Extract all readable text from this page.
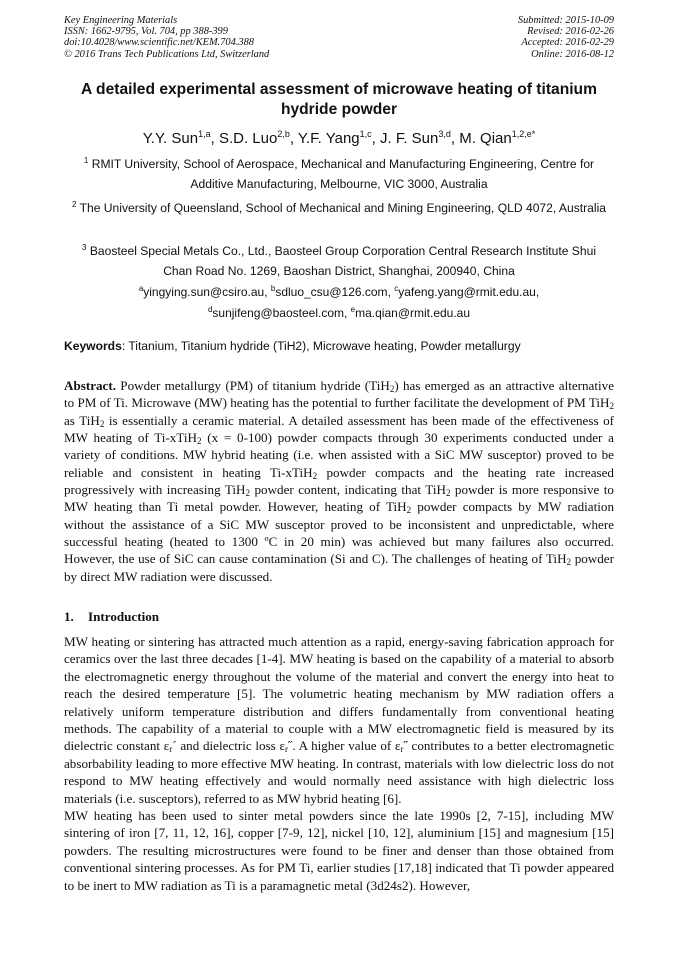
Key Engineering Materials
ISSN: 1662-9795, Vol. 704, pp 388-399
doi:10.4028/www.scientific.net/KEM.704.388
© 2016 Trans Tech Publications Ltd, Switzerland
Submitted: 2015-10-09
Revised: 2016-02-26
Accepted: 2016-02-29
Online: 2016-08-12
A detailed experimental assessment of microwave heating of titanium hydride powder
Y.Y. Sun$^{1,a}$, S.D. Luo$^{2,b}$, Y.F. Yang$^{1,c}$, J. F. Sun$^{3,d}$, M. Qian$^{1,2,e*}$
$^1$ RMIT University, School of Aerospace, Mechanical and Manufacturing Engineering, Centre for Additive Manufacturing, Melbourne, VIC 3000, Australia
$^2$ The University of Queensland, School of Mechanical and Mining Engineering, QLD 4072, Australia
$^3$ Baosteel Special Metals Co., Ltd., Baosteel Group Corporation Central Research Institute Shui Chan Road No. 1269, Baoshan District, Shanghai, 200940, China
$^a$yingying.sun@csiro.au, $^b$sdluo_csu@126.com, $^c$yafeng.yang@rmit.edu.au,
$^d$sunjifeng@baosteel.com, $^e$ma.qian@rmit.edu.au
Keywords: Titanium, Titanium hydride (TiH2), Microwave heating, Powder metallurgy
Abstract. Powder metallurgy (PM) of titanium hydride (TiH$_2$) has emerged as an attractive alternative to PM of Ti. Microwave (MW) heating has the potential to further facilitate the development of PM TiH$_2$ as TiH$_2$ is essentially a ceramic material. A detailed assessment has been made of the effectiveness of MW heating of Ti-xTiH$_2$ (x = 0-100) powder compacts through 30 experiments conducted under a variety of conditions. MW hybrid heating (i.e. when assisted with a SiC MW susceptor) proved to be reliable and consistent in heating Ti-xTiH$_2$ powder compacts and the heating rate increased progressively with increasing TiH$_2$ powder content, indicating that TiH$_2$ powder is more responsive to MW heating than Ti metal powder. However, heating of TiH$_2$ powder compacts by MW radiation without the assistance of a SiC MW susceptor proved to be inconsistent and unpredictable, where successful heating (heated to 1300 ºC in 20 min) was achieved but many failures also occurred. However, the use of SiC can cause contamination (Si and C). The challenges of heating of TiH$_2$ powder by direct MW radiation were discussed.
1. Introduction

MW heating or sintering has attracted much attention as a rapid, energy-saving fabrication approach for ceramics over the last three decades [1-4]. MW heating is based on the capability of a material to absorb the electromagnetic energy throughout the volume of the material and convert the energy into heat to reach the desired temperature [5]. The volumetric heating mechanism by MW radiation offers a relatively uniform temperature distribution and differs fundamentally from conventional heating methods. The capability of a material to couple with a MW electromagnetic field is measured by its dielectric constant $\varepsilon_r´$ and dielectric loss $\varepsilon_r˝$. A higher value of $\varepsilon_r˝$ contributes to a better electromagnetic absorbability leading to more effective MW heating. In contrast, materials with low dielectric loss do not respond to MW heating effectively and would normally need assistance with high dielectric loss materials (i.e. susceptors), referred to as MW hybrid heating [6].

MW heating has been used to sinter metal powders since the late 1990s [2, 7-15], including MW sintering of iron [7, 11, 12, 16], copper [7-9, 12], nickel [10, 12], aluminium [15] and magnesium [15] powders. The resulting microstructures were found to be finer and denser than those obtained from conventional sintering processes. As for PM Ti, earlier studies [17,18] indicated that Ti powder appeared to be inert to MW radiation as Ti is a paramagnetic metal (3d24s2). However,
